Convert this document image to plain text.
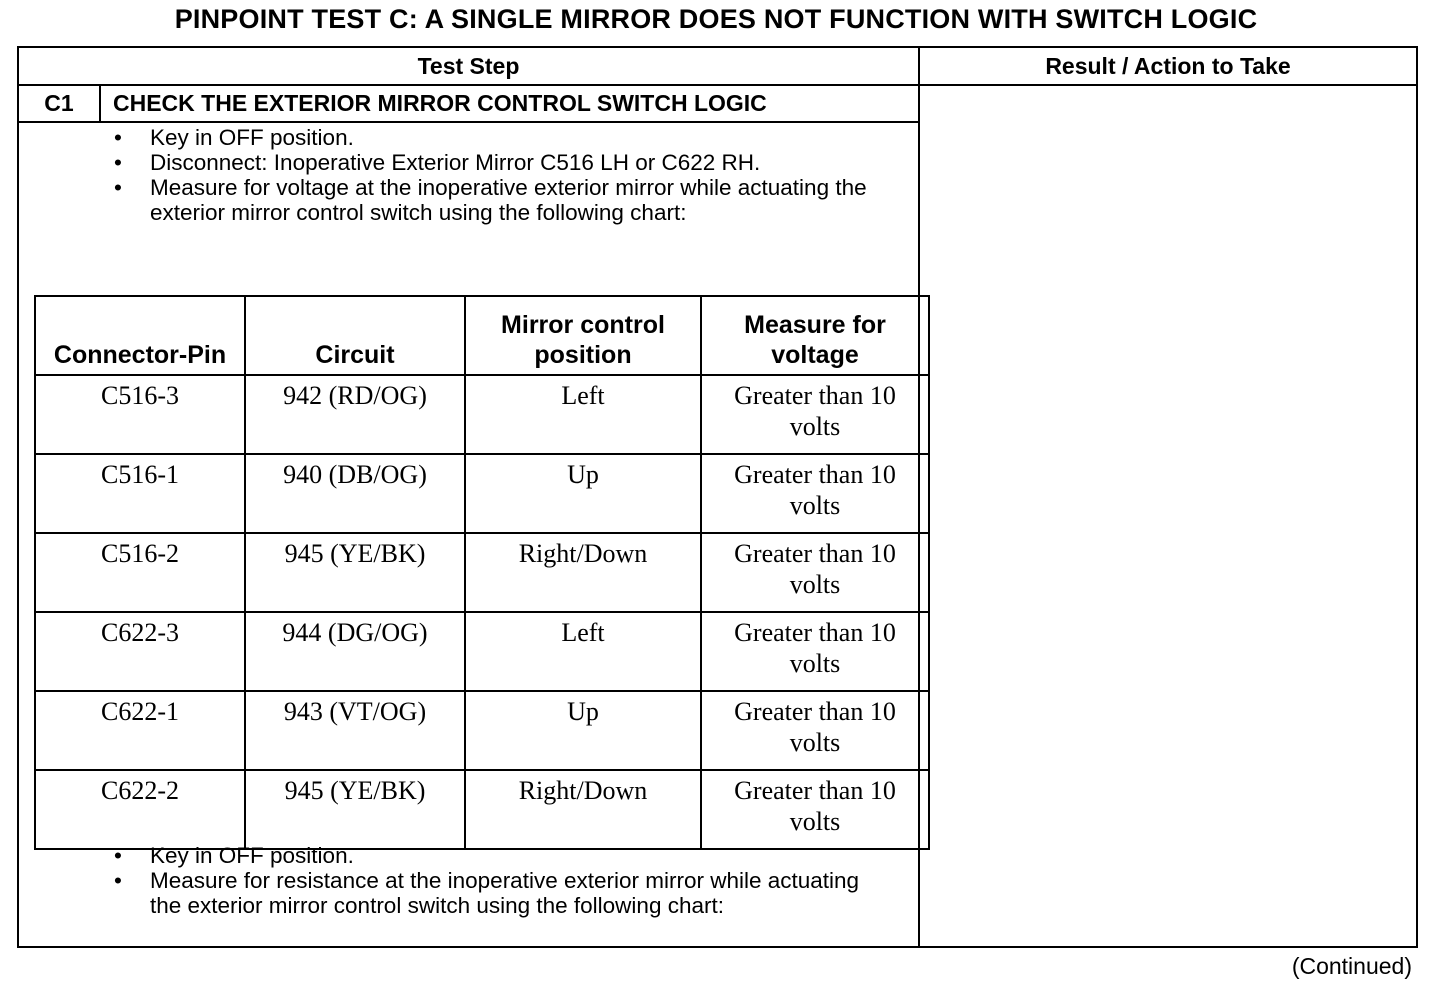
PINPOINT TEST C: A SINGLE MIRROR DOES NOT FUNCTION WITH SWITCH LOGIC
Test Step	Result / Action to Take
C1	CHECK THE EXTERIOR MIRROR CONTROL SWITCH LOGIC
•	Key in OFF position.
•	Disconnect: Inoperative Exterior Mirror C516 LH or C622 RH.
•	Measure for voltage at the inoperative exterior mirror while actuating the exterior mirror control switch using the following chart:
Connector-Pin	Circuit	Mirror control position	Measure for voltage
C516-3	942 (RD/OG)	Left	Greater than 10 volts
C516-1	940 (DB/OG)	Up	Greater than 10 volts
C516-2	945 (YE/BK)	Right/Down	Greater than 10 volts
C622-3	944 (DG/OG)	Left	Greater than 10 volts
C622-1	943 (VT/OG)	Up	Greater than 10 volts
C622-2	945 (YE/BK)	Right/Down	Greater than 10 volts
•	Key in OFF position.
•	Measure for resistance at the inoperative exterior mirror while actuating the exterior mirror control switch using the following chart:
(Continued)
